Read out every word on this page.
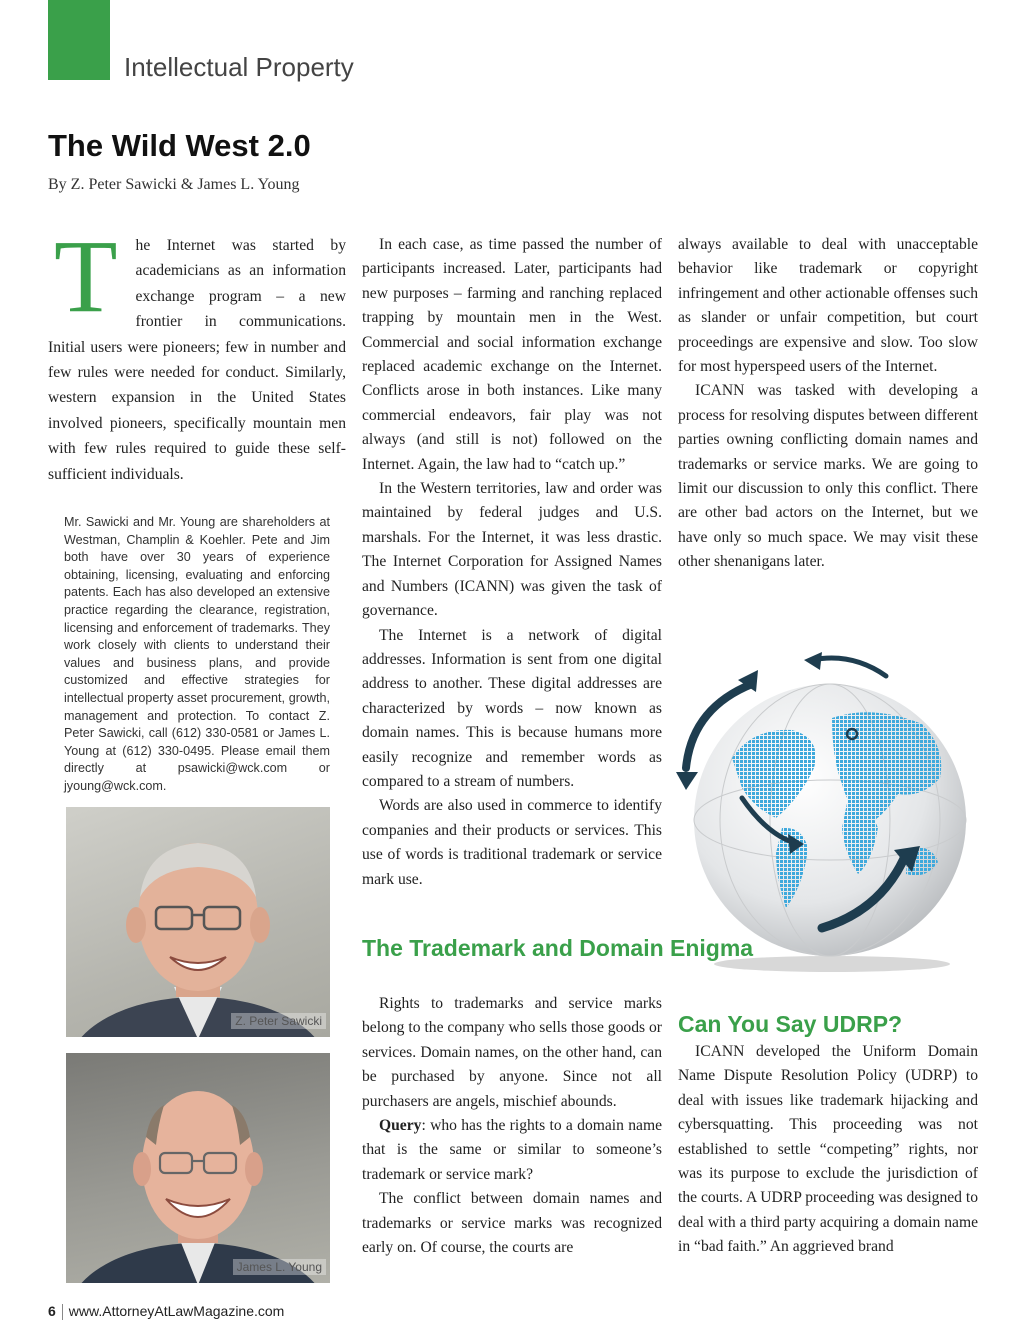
Intellectual Property
The Wild West 2.0
By Z. Peter Sawicki & James L. Young

T he Internet was started by academicians as an information exchange program – a new frontier in communications. Initial users were pioneers; few in number and few rules were needed for conduct. Similarly, western expansion in the United States involved pioneers, specifically mountain men with few rules required to guide these self-sufficient individuals.

Mr. Sawicki and Mr. Young are shareholders at Westman, Champlin & Koehler. Pete and Jim both have over 30 years of experience obtaining, licensing, evaluating and enforcing patents. Each has also developed an extensive practice regarding the clearance, registration, licensing and enforcement of trademarks. They work closely with clients to understand their values and business plans, and provide customized and effective strategies for intellectual property asset procurement, growth, management and protection. To contact Z. Peter Sawicki, call (612) 330-0581 or James L. Young at (612) 330-0495. Please email them directly at psawicki@wck.com or jyoung@wck.com.

Z. Peter Sawicki
James L. Young

In each case, as time passed the number of participants increased. Later, participants had new purposes – farming and ranching replaced trapping by mountain men in the West. Commercial and social information exchange replaced academic exchange on the Internet. Conflicts arose in both instances. Like many commercial endeavors, fair play was not always (and still is not) followed on the Internet. Again, the law had to “catch up.”

In the Western territories, law and order was maintained by federal judges and U.S. marshals. For the Internet, it was less drastic. The Internet Corporation for Assigned Names and Numbers (ICANN) was given the task of governance.

The Internet is a network of digital addresses. Information is sent from one digital address to another. These digital addresses are characterized by words – now known as domain names. This is because humans more easily recognize and remember words as compared to a stream of numbers.

Words are also used in commerce to identify companies and their products or services. This use of words is traditional trademark or service mark use.

The Trademark and Domain Enigma

Rights to trademarks and service marks belong to the company who sells those goods or services. Domain names, on the other hand, can be purchased by anyone. Since not all purchasers are angels, mischief abounds.

Query: who has the rights to a domain name that is the same or similar to someone’s trademark or service mark?

The conflict between domain names and trademarks or service marks was recognized early on. Of course, the courts are

always available to deal with unacceptable behavior like trademark or copyright infringement and other actionable offenses such as slander or unfair competition, but court proceedings are expensive and slow. Too slow for most hyperspeed users of the Internet.

ICANN was tasked with developing a process for resolving disputes between different parties owning conflicting domain names and trademarks or service marks. We are going to limit our discussion to only this conflict. There are other bad actors on the Internet, but we have only so much space. We may visit these other shenanigans later.

Can You Say UDRP?

ICANN developed the Uniform Domain Name Dispute Resolution Policy (UDRP) to deal with issues like trademark hijacking and cybersquatting. This proceeding was not established to settle “competing” rights, nor was its purpose to exclude the jurisdiction of the courts. A UDRP proceeding was designed to deal with a third party acquiring a domain name in “bad faith.” An aggrieved brand

6 www.AttorneyAtLawMagazine.com
